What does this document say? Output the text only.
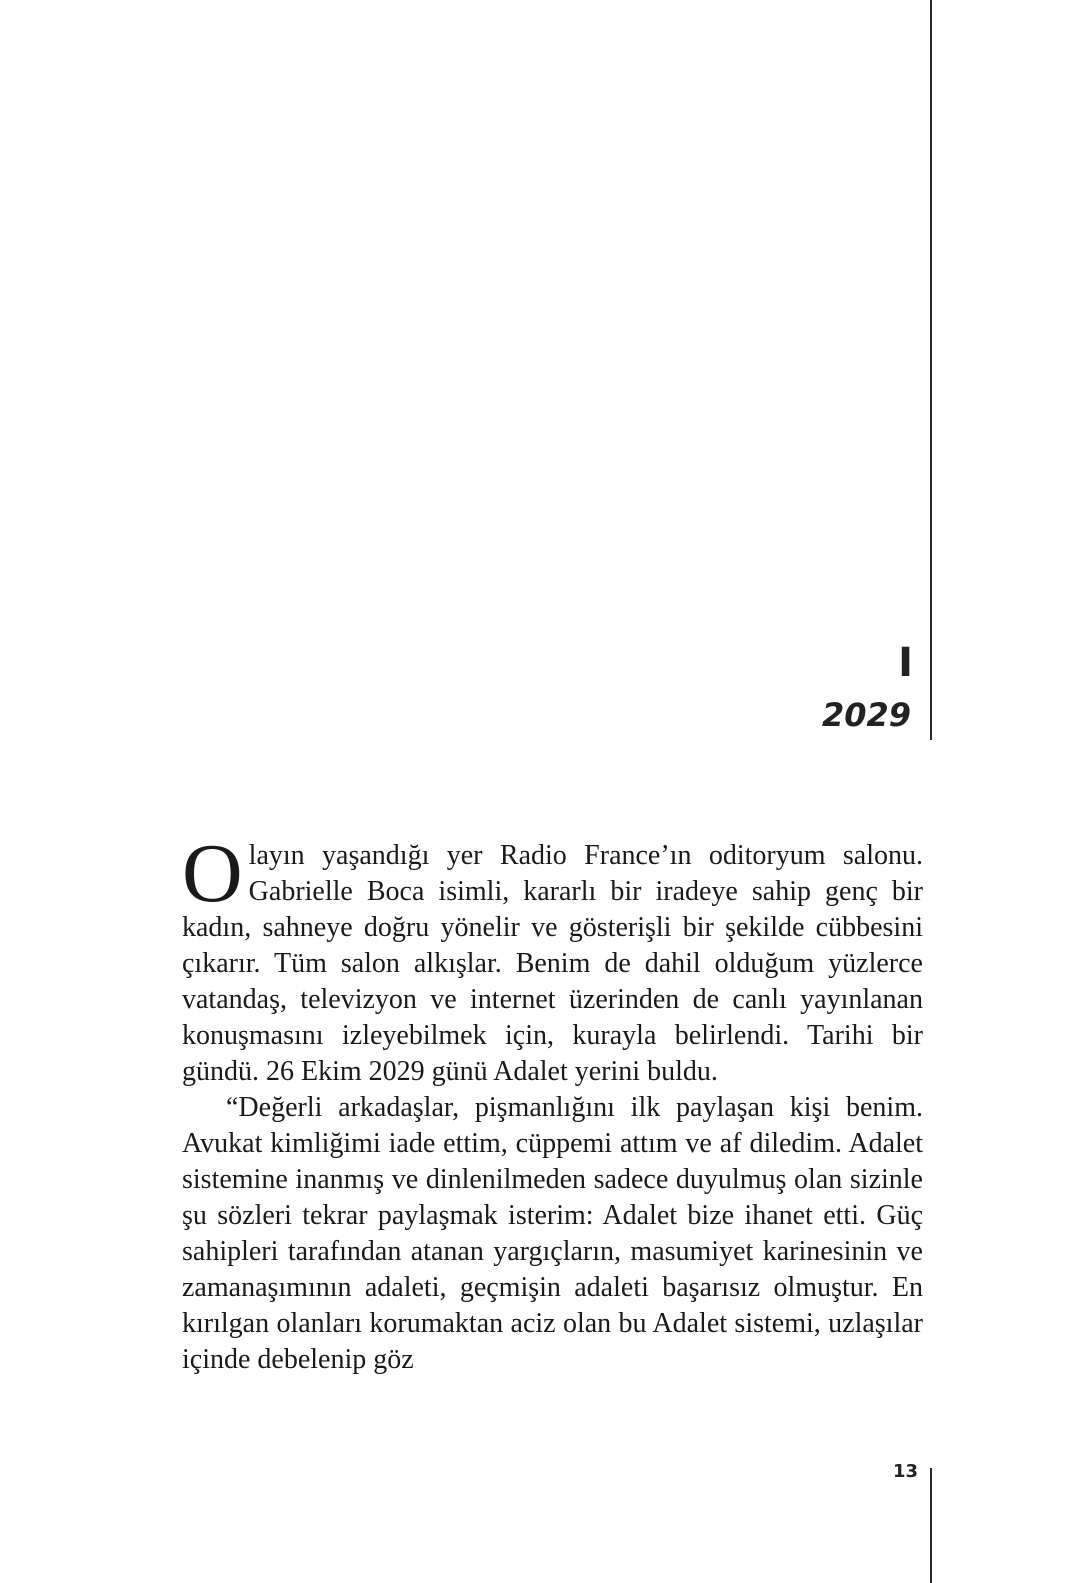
I
2029

Olayın yaşandığı yer Radio France’ın oditoryum salonu. Gabrielle Boca isimli, kararlı bir iradeye sahip genç bir kadın, sahneye doğru yönelir ve gösterişli bir şekilde cübbesini çıkarır. Tüm salon alkışlar. Benim de dahil olduğum yüzlerce vatandaş, televizyon ve internet üzerinden de canlı yayınlanan konuşmasını izleyebilmek için, kurayla belirlendi. Tarihi bir gündü. 26 Ekim 2029 günü Adalet yerini buldu.

“Değerli arkadaşlar, pişmanlığını ilk paylaşan kişi benim. Avukat kimliğimi iade ettim, cüppemi attım ve af diledim. Adalet sistemine inanmış ve dinlenilmeden sadece duyulmuş olan sizinle şu sözleri tekrar paylaşmak isterim: Adalet bize ihanet etti. Güç sahipleri tarafından atanan yargıçların, masumiyet karinesinin ve zamanaşımının adaleti, geçmişin adaleti başarısız olmuştur. En kırılgan olanları korumaktan aciz olan bu Adalet sistemi, uzlaşılar içinde debelenip göz

13
